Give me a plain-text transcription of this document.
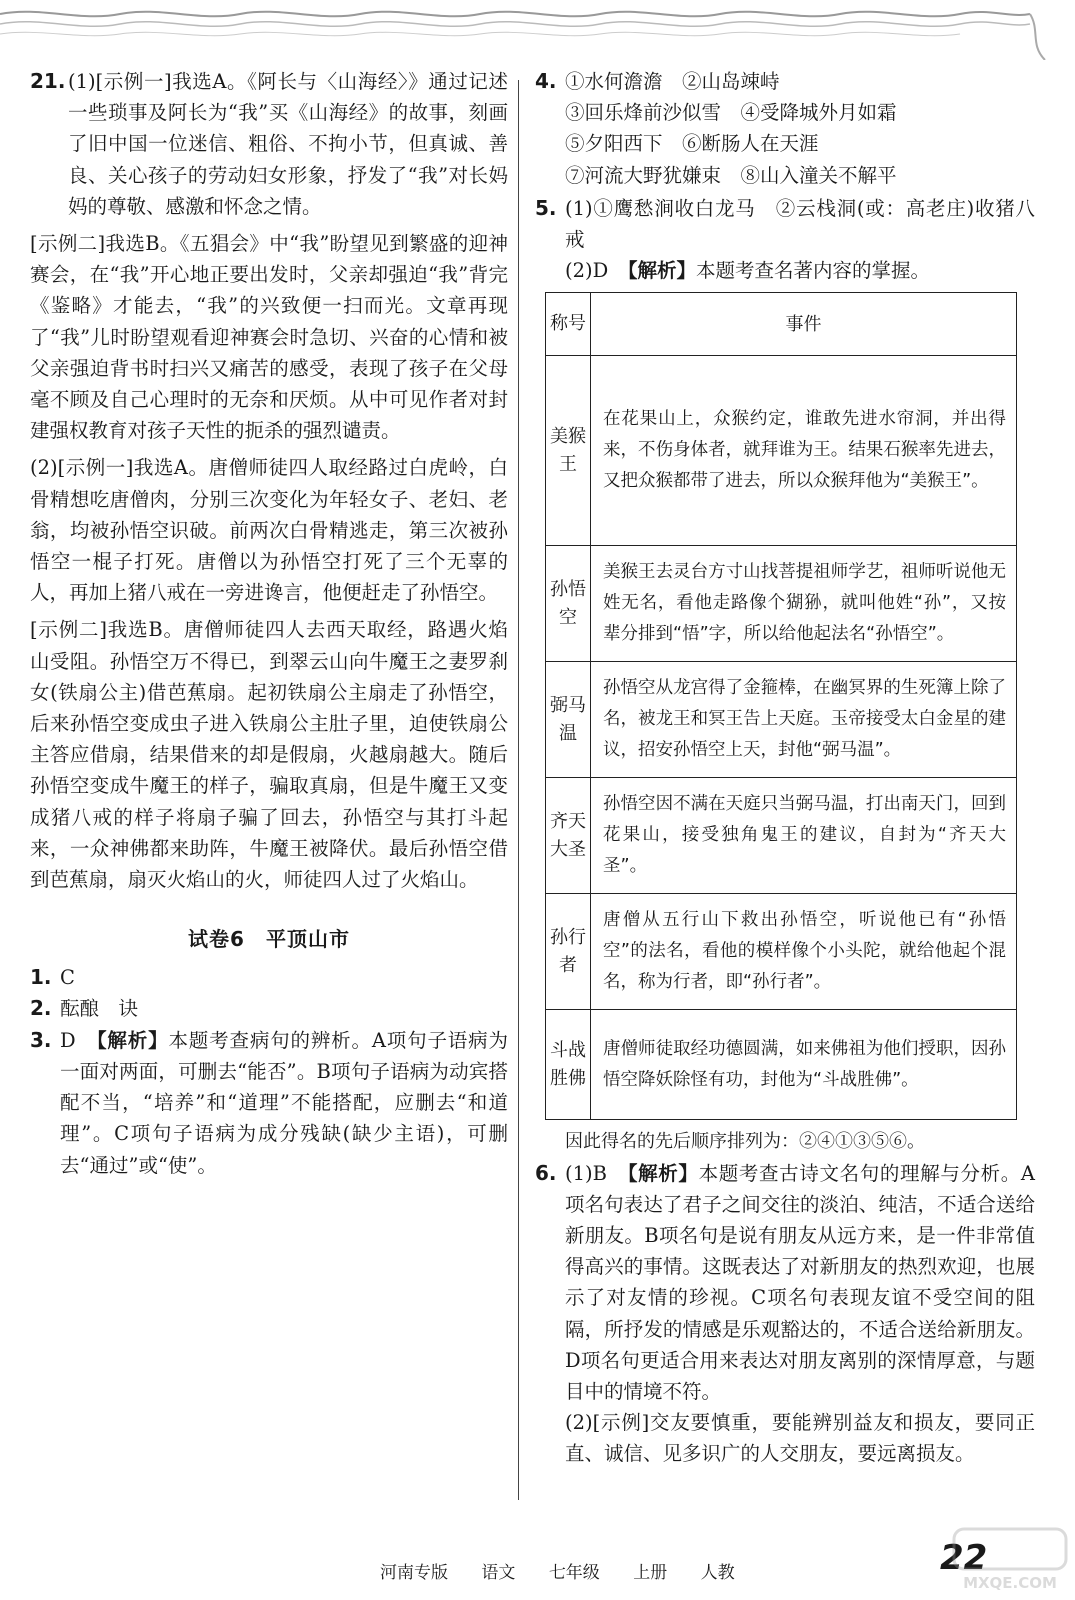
21. (1)[示例一]我选A。《阿长与〈山海经〉》通过记述一些琐事及阿长为“我”买《山海经》的故事，刻画了旧中国一位迷信、粗俗、不拘小节，但真诚、善良、关心孩子的劳动妇女形象，抒发了“我”对长妈妈的尊敬、感激和怀念之情。

[示例二]我选B。《五猖会》中“我”盼望见到繁盛的迎神赛会，在“我”开心地正要出发时，父亲却强迫“我”背完《鉴略》才能去，“我”的兴致便一扫而光。文章再现了“我”儿时盼望观看迎神赛会时急切、兴奋的心情和被父亲强迫背书时扫兴又痛苦的感受，表现了孩子在父母毫不顾及自己心理时的无奈和厌烦。从中可见作者对封建强权教育对孩子天性的扼杀的强烈谴责。

(2)[示例一]我选A。唐僧师徒四人取经路过白虎岭，白骨精想吃唐僧肉，分别三次变化为年轻女子、老妇、老翁，均被孙悟空识破。前两次白骨精逃走，第三次被孙悟空一棍子打死。唐僧以为孙悟空打死了三个无辜的人，再加上猪八戒在一旁进谗言，他便赶走了孙悟空。

[示例二]我选B。唐僧师徒四人去西天取经，路遇火焰山受阻。孙悟空万不得已，到翠云山向牛魔王之妻罗刹女(铁扇公主)借芭蕉扇。起初铁扇公主扇走了孙悟空，后来孙悟空变成虫子进入铁扇公主肚子里，迫使铁扇公主答应借扇，结果借来的却是假扇，火越扇越大。随后孙悟空变成牛魔王的样子，骗取真扇，但是牛魔王又变成猪八戒的样子将扇子骗了回去，孙悟空与其打斗起来，一众神佛都来助阵，牛魔王被降伏。最后孙悟空借到芭蕉扇，扇灭火焰山的火，师徒四人过了火焰山。

试卷6　平顶山市
1. C

2. 酝酿　诀

3. D　 【解析】本题考查病句的辨析。A项句子语病为一面对两面，可删去“能否”。B项句子语病为动宾搭配不当，“培养”和“道理”不能搭配，应删去“和道理”。C项句子语病为成分残缺(缺少主语)，可删去“通过”或“使”。

4. ①水何澹澹　②山岛竦峙

③回乐烽前沙似雪　④受降城外月如霜

⑤夕阳西下　⑥断肠人在天涯

⑦河流大野犹嫌束　⑧山入潼关不解平

5. (1)①鹰愁涧收白龙马　②云栈洞(或：高老庄)收猪八戒

(2)D　【解析】本题考查名著内容的掌握。

称号	事件
美猴王	在花果山上，众猴约定，谁敢先进水帘洞，并出得来，不伤身体者，就拜谁为王。结果石猴率先进去，又把众猴都带了进去，所以众猴拜他为“美猴王”。
孙悟空	美猴王去灵台方寸山找菩提祖师学艺，祖师听说他无姓无名，看他走路像个猢狲，就叫他姓“孙”，又按辈分排到“悟”字，所以给他起法名“孙悟空”。
弼马温	孙悟空从龙宫得了金箍棒，在幽冥界的生死簿上除了名，被龙王和冥王告上天庭。玉帝接受太白金星的建议，招安孙悟空上天，封他“弼马温”。
齐天大圣	孙悟空因不满在天庭只当弼马温，打出南天门，回到花果山，接受独角鬼王的建议，自封为“齐天大圣”。
孙行者	唐僧从五行山下救出孙悟空，听说他已有“孙悟空”的法名，看他的模样像个小头陀，就给他起个混名，称为行者，即“孙行者”。
斗战胜佛	唐僧师徒取经功德圆满，如来佛祖为他们授职，因孙悟空降妖除怪有功，封他为“斗战胜佛”。

因此得名的先后顺序排列为：②④①③⑤⑥。

6. (1)B　【解析】本题考查古诗文名句的理解与分析。A项名句表达了君子之间交往的淡泊、纯洁，不适合送给新朋友。B项名句是说有朋友从远方来，是一件非常值得高兴的事情。这既表达了对新朋友的热烈欢迎，也展示了对友情的珍视。C项名句表现友谊不受空间的阻隔，所抒发的情感是乐观豁达的，不适合送给新朋友。D项名句更适合用来表达对朋友离别的深情厚意，与题目中的情境不符。

(2)[示例]交友要慎重，要能辨别益友和损友，要同正直、诚信、见多识广的人交朋友，要远离损友。

河南专版 语文 七年级 上册 人教	22
MXQE.COM
